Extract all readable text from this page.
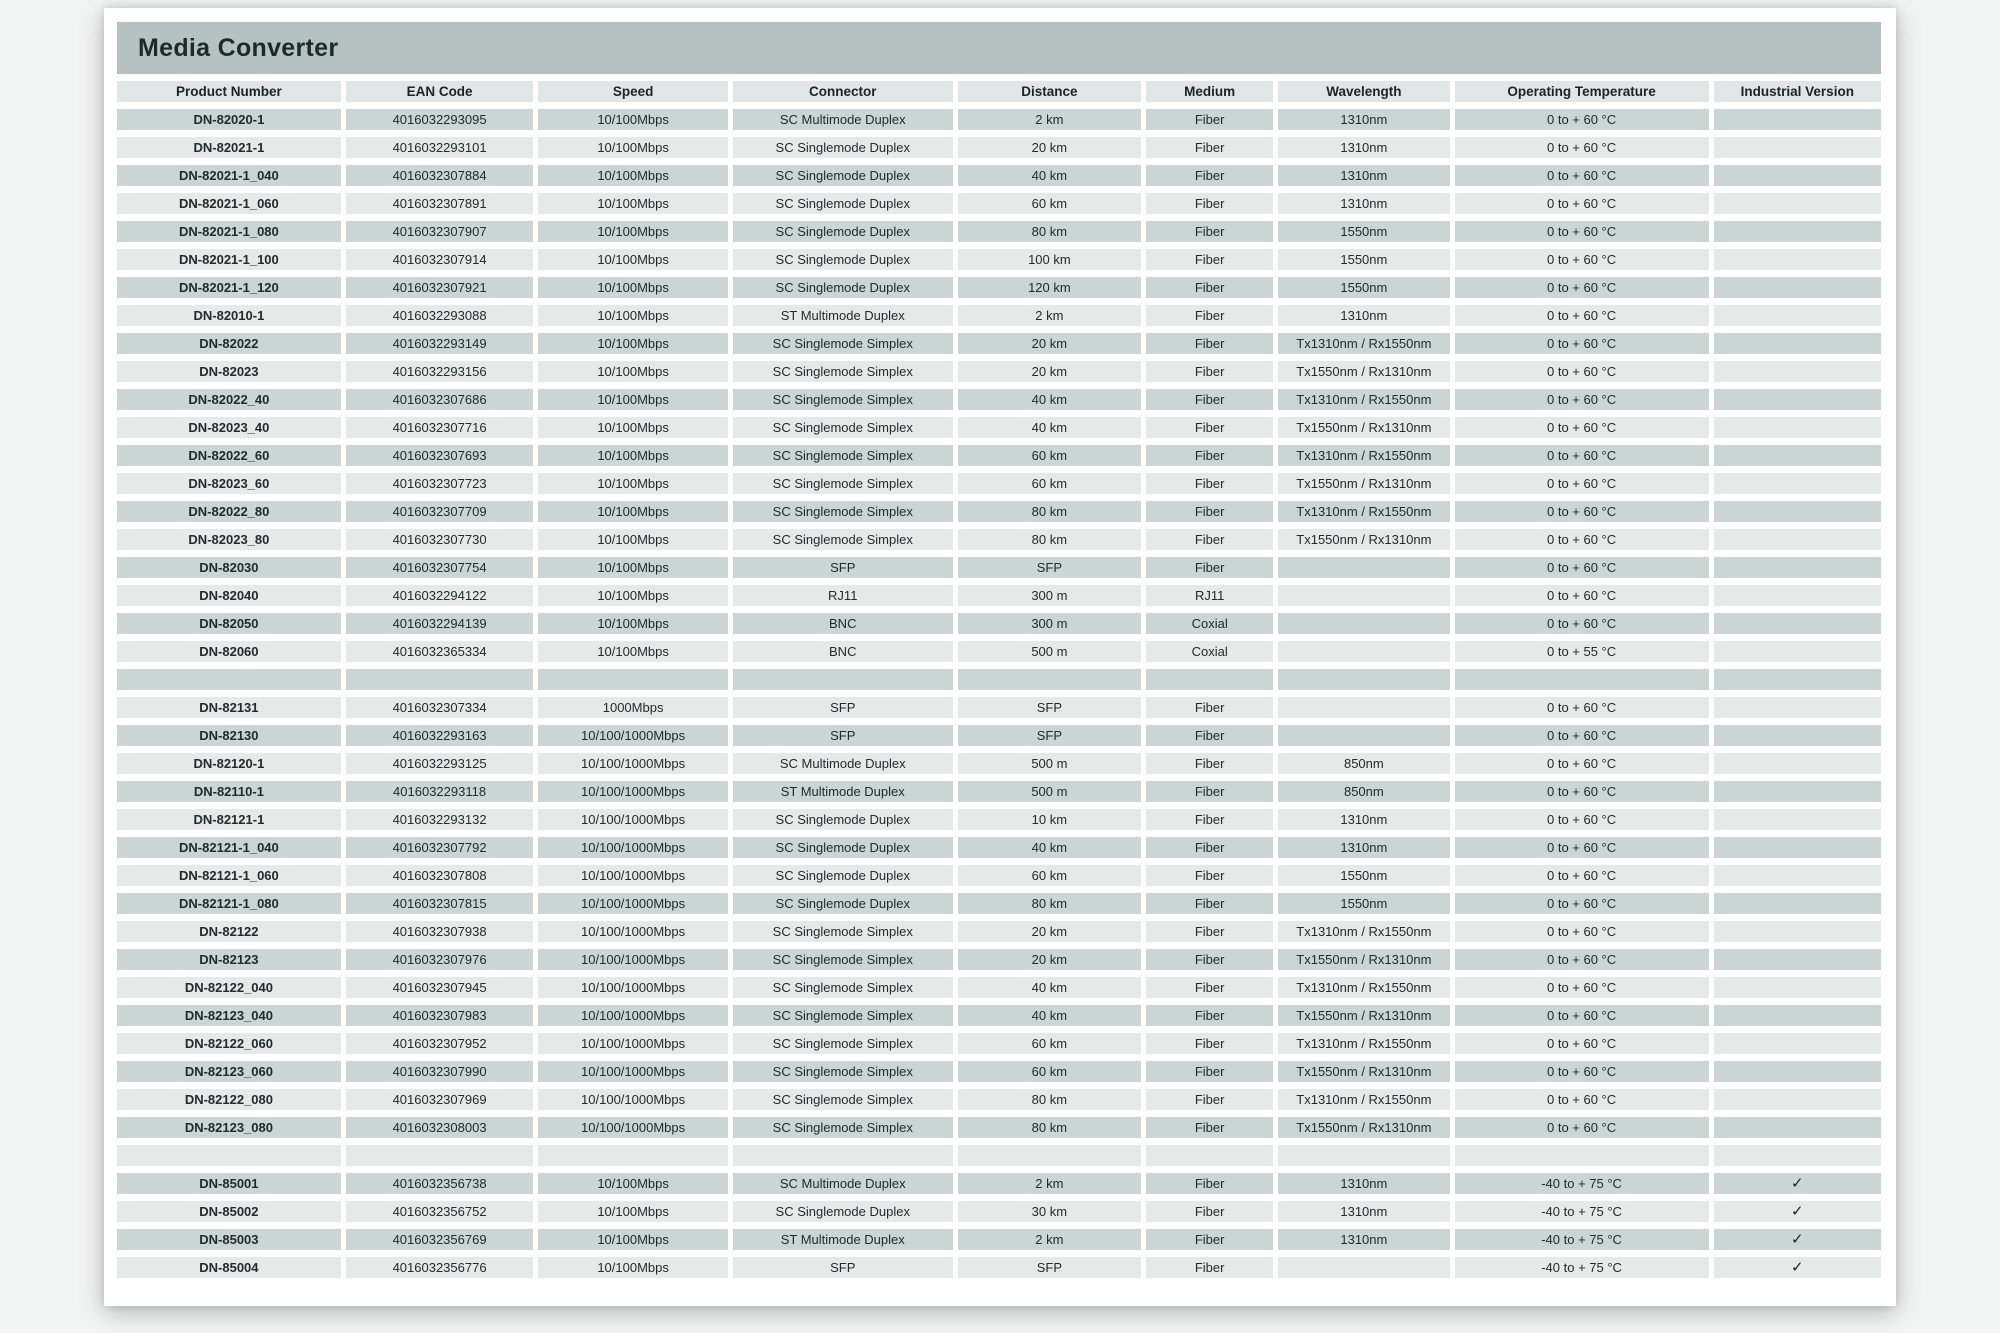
Media Converter
Product Number	EAN Code	Speed	Connector	Distance	Medium	Wavelength	Operating Temperature	Industrial Version
DN-82020-1	4016032293095	10/100Mbps	SC Multimode Duplex	2 km	Fiber	1310nm	0 to + 60 °C	
DN-82021-1	4016032293101	10/100Mbps	SC Singlemode Duplex	20 km	Fiber	1310nm	0 to + 60 °C	
DN-82021-1_040	4016032307884	10/100Mbps	SC Singlemode Duplex	40 km	Fiber	1310nm	0 to + 60 °C	
DN-82021-1_060	4016032307891	10/100Mbps	SC Singlemode Duplex	60 km	Fiber	1310nm	0 to + 60 °C	
DN-82021-1_080	4016032307907	10/100Mbps	SC Singlemode Duplex	80 km	Fiber	1550nm	0 to + 60 °C	
DN-82021-1_100	4016032307914	10/100Mbps	SC Singlemode Duplex	100 km	Fiber	1550nm	0 to + 60 °C	
DN-82021-1_120	4016032307921	10/100Mbps	SC Singlemode Duplex	120 km	Fiber	1550nm	0 to + 60 °C	
DN-82010-1	4016032293088	10/100Mbps	ST Multimode Duplex	2 km	Fiber	1310nm	0 to + 60 °C	
DN-82022	4016032293149	10/100Mbps	SC Singlemode Simplex	20 km	Fiber	Tx1310nm / Rx1550nm	0 to + 60 °C	
DN-82023	4016032293156	10/100Mbps	SC Singlemode Simplex	20 km	Fiber	Tx1550nm / Rx1310nm	0 to + 60 °C	
DN-82022_40	4016032307686	10/100Mbps	SC Singlemode Simplex	40 km	Fiber	Tx1310nm / Rx1550nm	0 to + 60 °C	
DN-82023_40	4016032307716	10/100Mbps	SC Singlemode Simplex	40 km	Fiber	Tx1550nm / Rx1310nm	0 to + 60 °C	
DN-82022_60	4016032307693	10/100Mbps	SC Singlemode Simplex	60 km	Fiber	Tx1310nm / Rx1550nm	0 to + 60 °C	
DN-82023_60	4016032307723	10/100Mbps	SC Singlemode Simplex	60 km	Fiber	Tx1550nm / Rx1310nm	0 to + 60 °C	
DN-82022_80	4016032307709	10/100Mbps	SC Singlemode Simplex	80 km	Fiber	Tx1310nm / Rx1550nm	0 to + 60 °C	
DN-82023_80	4016032307730	10/100Mbps	SC Singlemode Simplex	80 km	Fiber	Tx1550nm / Rx1310nm	0 to + 60 °C	
DN-82030	4016032307754	10/100Mbps	SFP	SFP	Fiber		0 to + 60 °C	
DN-82040	4016032294122	10/100Mbps	RJ11	300 m	RJ11		0 to + 60 °C	
DN-82050	4016032294139	10/100Mbps	BNC	300 m	Coxial		0 to + 60 °C	
DN-82060	4016032365334	10/100Mbps	BNC	500 m	Coxial		0 to + 55 °C	

DN-82131	4016032307334	1000Mbps	SFP	SFP	Fiber		0 to + 60 °C	
DN-82130	4016032293163	10/100/1000Mbps	SFP	SFP	Fiber		0 to + 60 °C	
DN-82120-1	4016032293125	10/100/1000Mbps	SC Multimode Duplex	500 m	Fiber	850nm	0 to + 60 °C	
DN-82110-1	4016032293118	10/100/1000Mbps	ST Multimode Duplex	500 m	Fiber	850nm	0 to + 60 °C	
DN-82121-1	4016032293132	10/100/1000Mbps	SC Singlemode Duplex	10 km	Fiber	1310nm	0 to + 60 °C	
DN-82121-1_040	4016032307792	10/100/1000Mbps	SC Singlemode Duplex	40 km	Fiber	1310nm	0 to + 60 °C	
DN-82121-1_060	4016032307808	10/100/1000Mbps	SC Singlemode Duplex	60 km	Fiber	1550nm	0 to + 60 °C	
DN-82121-1_080	4016032307815	10/100/1000Mbps	SC Singlemode Duplex	80 km	Fiber	1550nm	0 to + 60 °C	
DN-82122	4016032307938	10/100/1000Mbps	SC Singlemode Simplex	20 km	Fiber	Tx1310nm / Rx1550nm	0 to + 60 °C	
DN-82123	4016032307976	10/100/1000Mbps	SC Singlemode Simplex	20 km	Fiber	Tx1550nm / Rx1310nm	0 to + 60 °C	
DN-82122_040	4016032307945	10/100/1000Mbps	SC Singlemode Simplex	40 km	Fiber	Tx1310nm / Rx1550nm	0 to + 60 °C	
DN-82123_040	4016032307983	10/100/1000Mbps	SC Singlemode Simplex	40 km	Fiber	Tx1550nm / Rx1310nm	0 to + 60 °C	
DN-82122_060	4016032307952	10/100/1000Mbps	SC Singlemode Simplex	60 km	Fiber	Tx1310nm / Rx1550nm	0 to + 60 °C	
DN-82123_060	4016032307990	10/100/1000Mbps	SC Singlemode Simplex	60 km	Fiber	Tx1550nm / Rx1310nm	0 to + 60 °C	
DN-82122_080	4016032307969	10/100/1000Mbps	SC Singlemode Simplex	80 km	Fiber	Tx1310nm / Rx1550nm	0 to + 60 °C	
DN-82123_080	4016032308003	10/100/1000Mbps	SC Singlemode Simplex	80 km	Fiber	Tx1550nm / Rx1310nm	0 to + 60 °C	

DN-85001	4016032356738	10/100Mbps	SC Multimode Duplex	2 km	Fiber	1310nm	-40 to + 75 °C	✓
DN-85002	4016032356752	10/100Mbps	SC Singlemode Duplex	30 km	Fiber	1310nm	-40 to + 75 °C	✓
DN-85003	4016032356769	10/100Mbps	ST Multimode Duplex	2 km	Fiber	1310nm	-40 to + 75 °C	✓
DN-85004	4016032356776	10/100Mbps	SFP	SFP	Fiber		-40 to + 75 °C	✓
